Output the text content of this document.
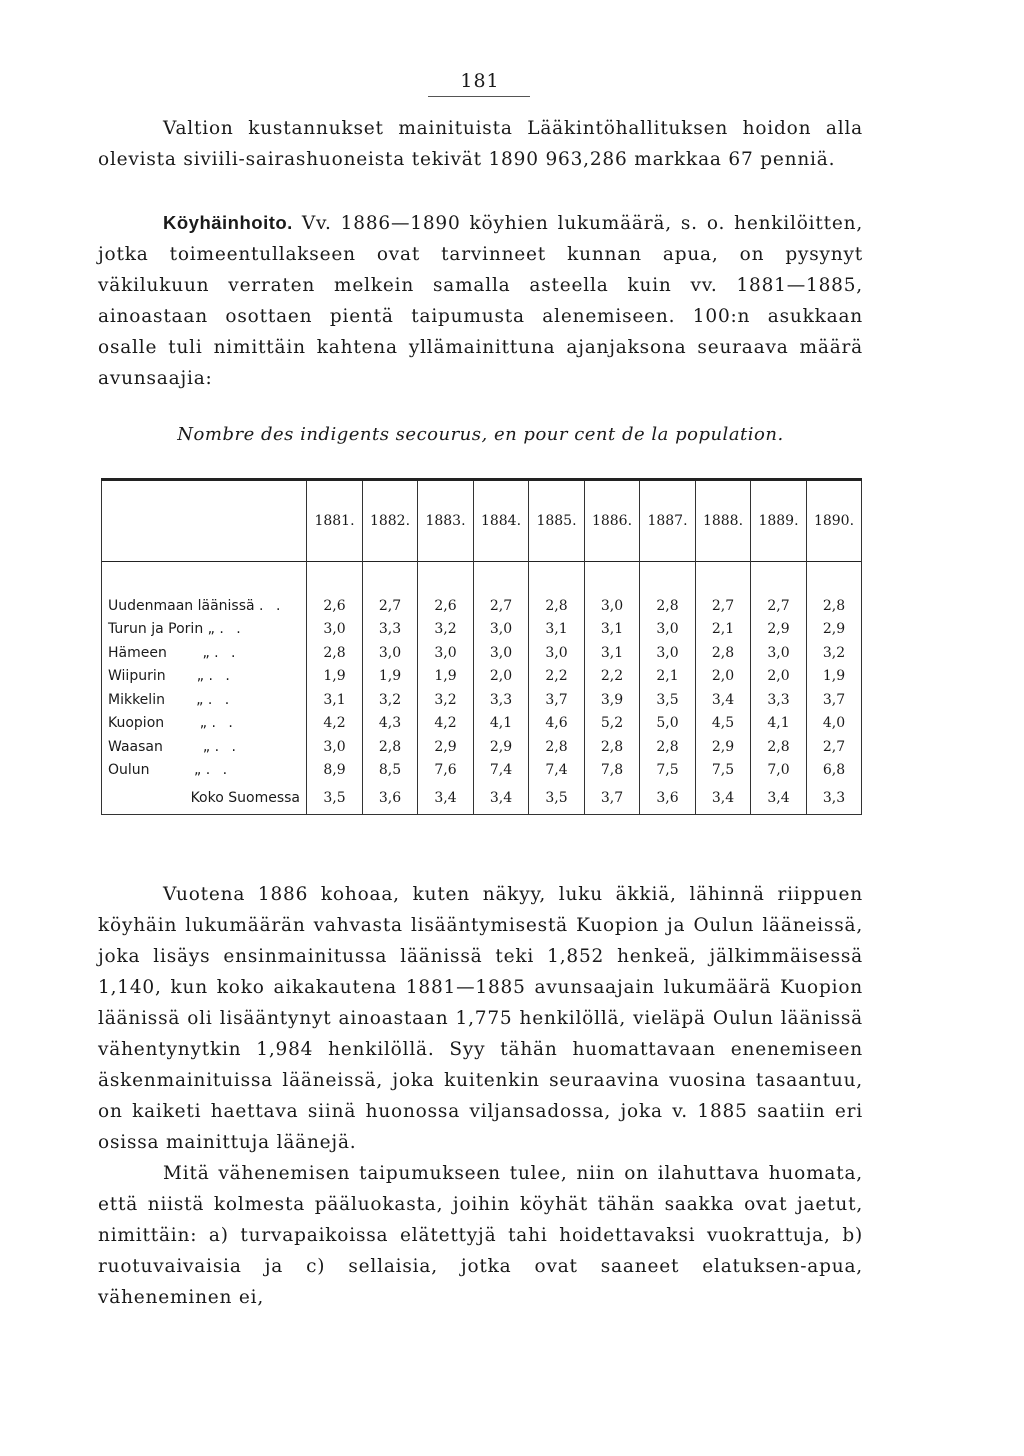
181

Valtion kustannukset mainituista Lääkintöhallituksen hoidon alla olevista siviili-sairashuoneista tekivät 1890 963,286 markkaa 67 penniä.

Köyhäinhoito. Vv. 1886—1890 köyhien lukumäärä, s. o. henkilöitten, jotka toimeentullakseen ovat tarvinneet kunnan apua, on pysynyt väkilukuun verraten melkein samalla asteella kuin vv. 1881—1885, ainoastaan osottaen pientä taipumusta alenemiseen. 100:n asukkaan osalle tuli nimittäin kahtena yllämainittuna ajanjaksona seuraava määrä avunsaajia:

Nombre des indigents secourus, en pour cent de la population.
	1881.	1882.	1883.	1884.	1885.	1886.	1887.	1888.	1889.	1890.

Uudenmaan läänissä . .	2,6	2,7	2,6	2,7	2,8	3,0	2,8	2,7	2,7	2,8
Turun ja Porin „ . .	3,0	3,3	3,2	3,0	3,1	3,1	3,0	2,1	2,9	2,9
Hämeen        „ . .	2,8	3,0	3,0	3,0	3,0	3,1	3,0	2,8	3,0	3,2
Wiipurin       „ . .	1,9	1,9	1,9	2,0	2,2	2,2	2,1	2,0	2,0	1,9
Mikkelin       „ . .	3,1	3,2	3,2	3,3	3,7	3,9	3,5	3,4	3,3	3,7
Kuopion        „ . .	4,2	4,3	4,2	4,1	4,6	5,2	5,0	4,5	4,1	4,0
Waasan         „ . .	3,0	2,8	2,9	2,9	2,8	2,8	2,8	2,9	2,8	2,7
Oulun          „ . .	8,9	8,5	7,6	7,4	7,4	7,8	7,5	7,5	7,0	6,8
Koko Suomessa	3,5	3,6	3,4	3,4	3,5	3,7	3,6	3,4	3,4	3,3

Vuotena 1886 kohoaa, kuten näkyy, luku äkkiä, lähinnä riippuen köyhäin lukumäärän vahvasta lisääntymisestä Kuopion ja Oulun lääneissä, joka lisäys ensinmainitussa läänissä teki 1,852 henkeä, jälkimmäisessä 1,140, kun koko aikakautena 1881—1885 avunsaajain lukumäärä Kuopion läänissä oli lisääntynyt ainoastaan 1,775 henkilöllä, vieläpä Oulun läänissä vähentynytkin 1,984 henkilöllä. Syy tähän huomattavaan enenemiseen äskenmainituissa lääneissä, joka kuitenkin seuraavina vuosina tasaantuu, on kaiketi haettava siinä huonossa viljansadossa, joka v. 1885 saatiin eri osissa mainittuja läänejä.

Mitä vähenemisen taipumukseen tulee, niin on ilahuttava huomata, että niistä kolmesta pääluokasta, joihin köyhät tähän saakka ovat jaetut, nimittäin: a) turvapaikoissa elätettyjä tahi hoidettavaksi vuokrattuja, b) ruotuvaivaisia ja c) sellaisia, jotka ovat saaneet elatuksen-apua, väheneminen ei,
